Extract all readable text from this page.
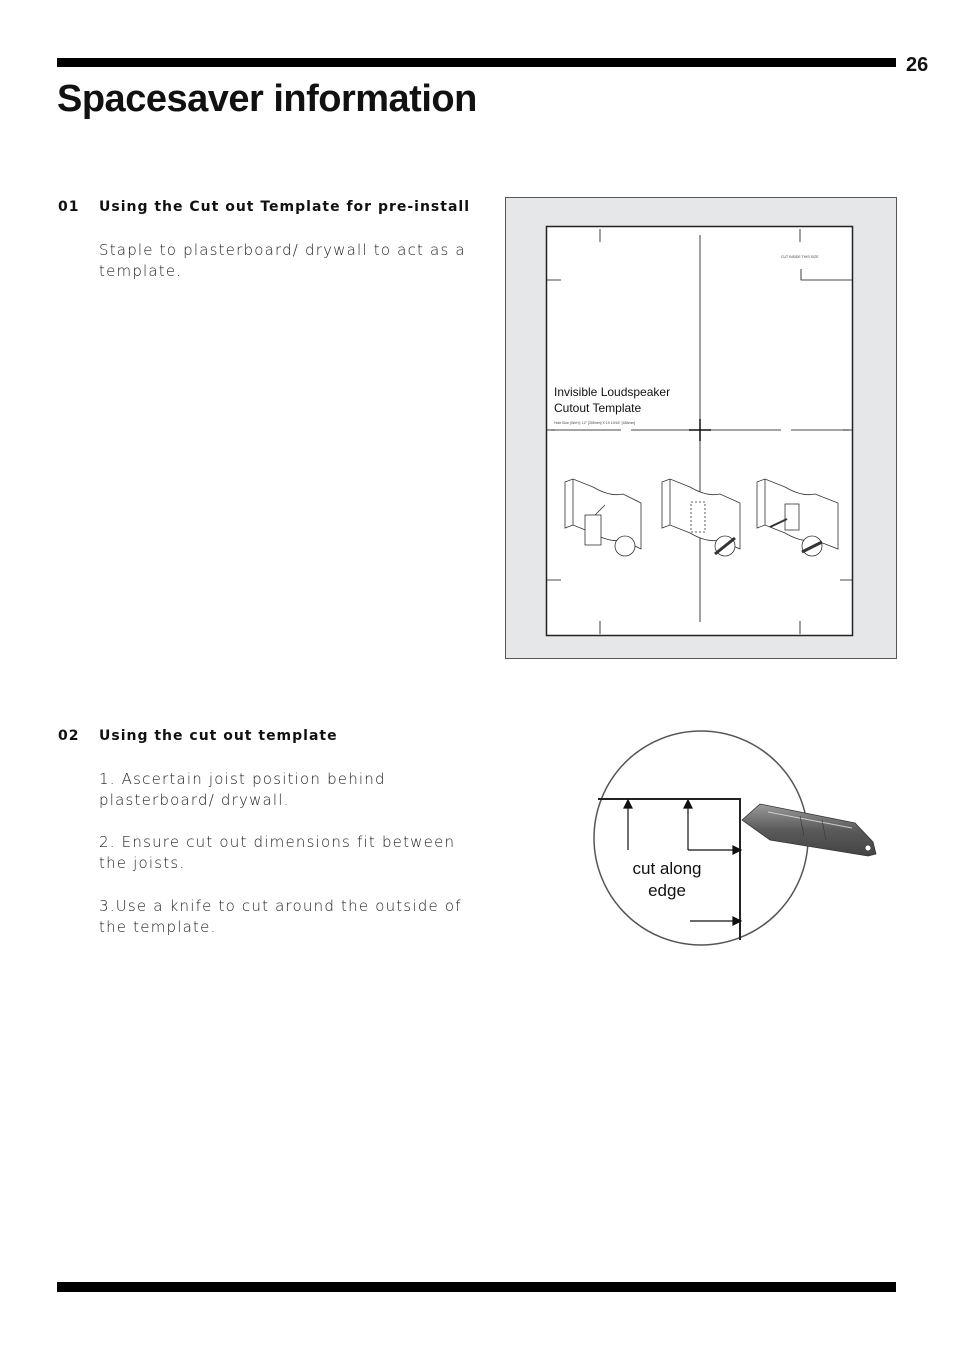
26
Spacesaver information
01 Using the Cut out Template for pre-install

Staple to plasterboard/ drywall to act as a template.

CUT INSIDE THIS SIZE
Invisible Loudspeaker
Cutout Template
Hole Size (WxH): 12" [305mm] X 19 19/16" [483mm]
02 Using the cut out template

1. Ascertain joist position behind plasterboard/ drywall.

2. Ensure cut out dimensions fit between the joists.

3.Use a knife to cut around the outside of the template.

cut along
edge
